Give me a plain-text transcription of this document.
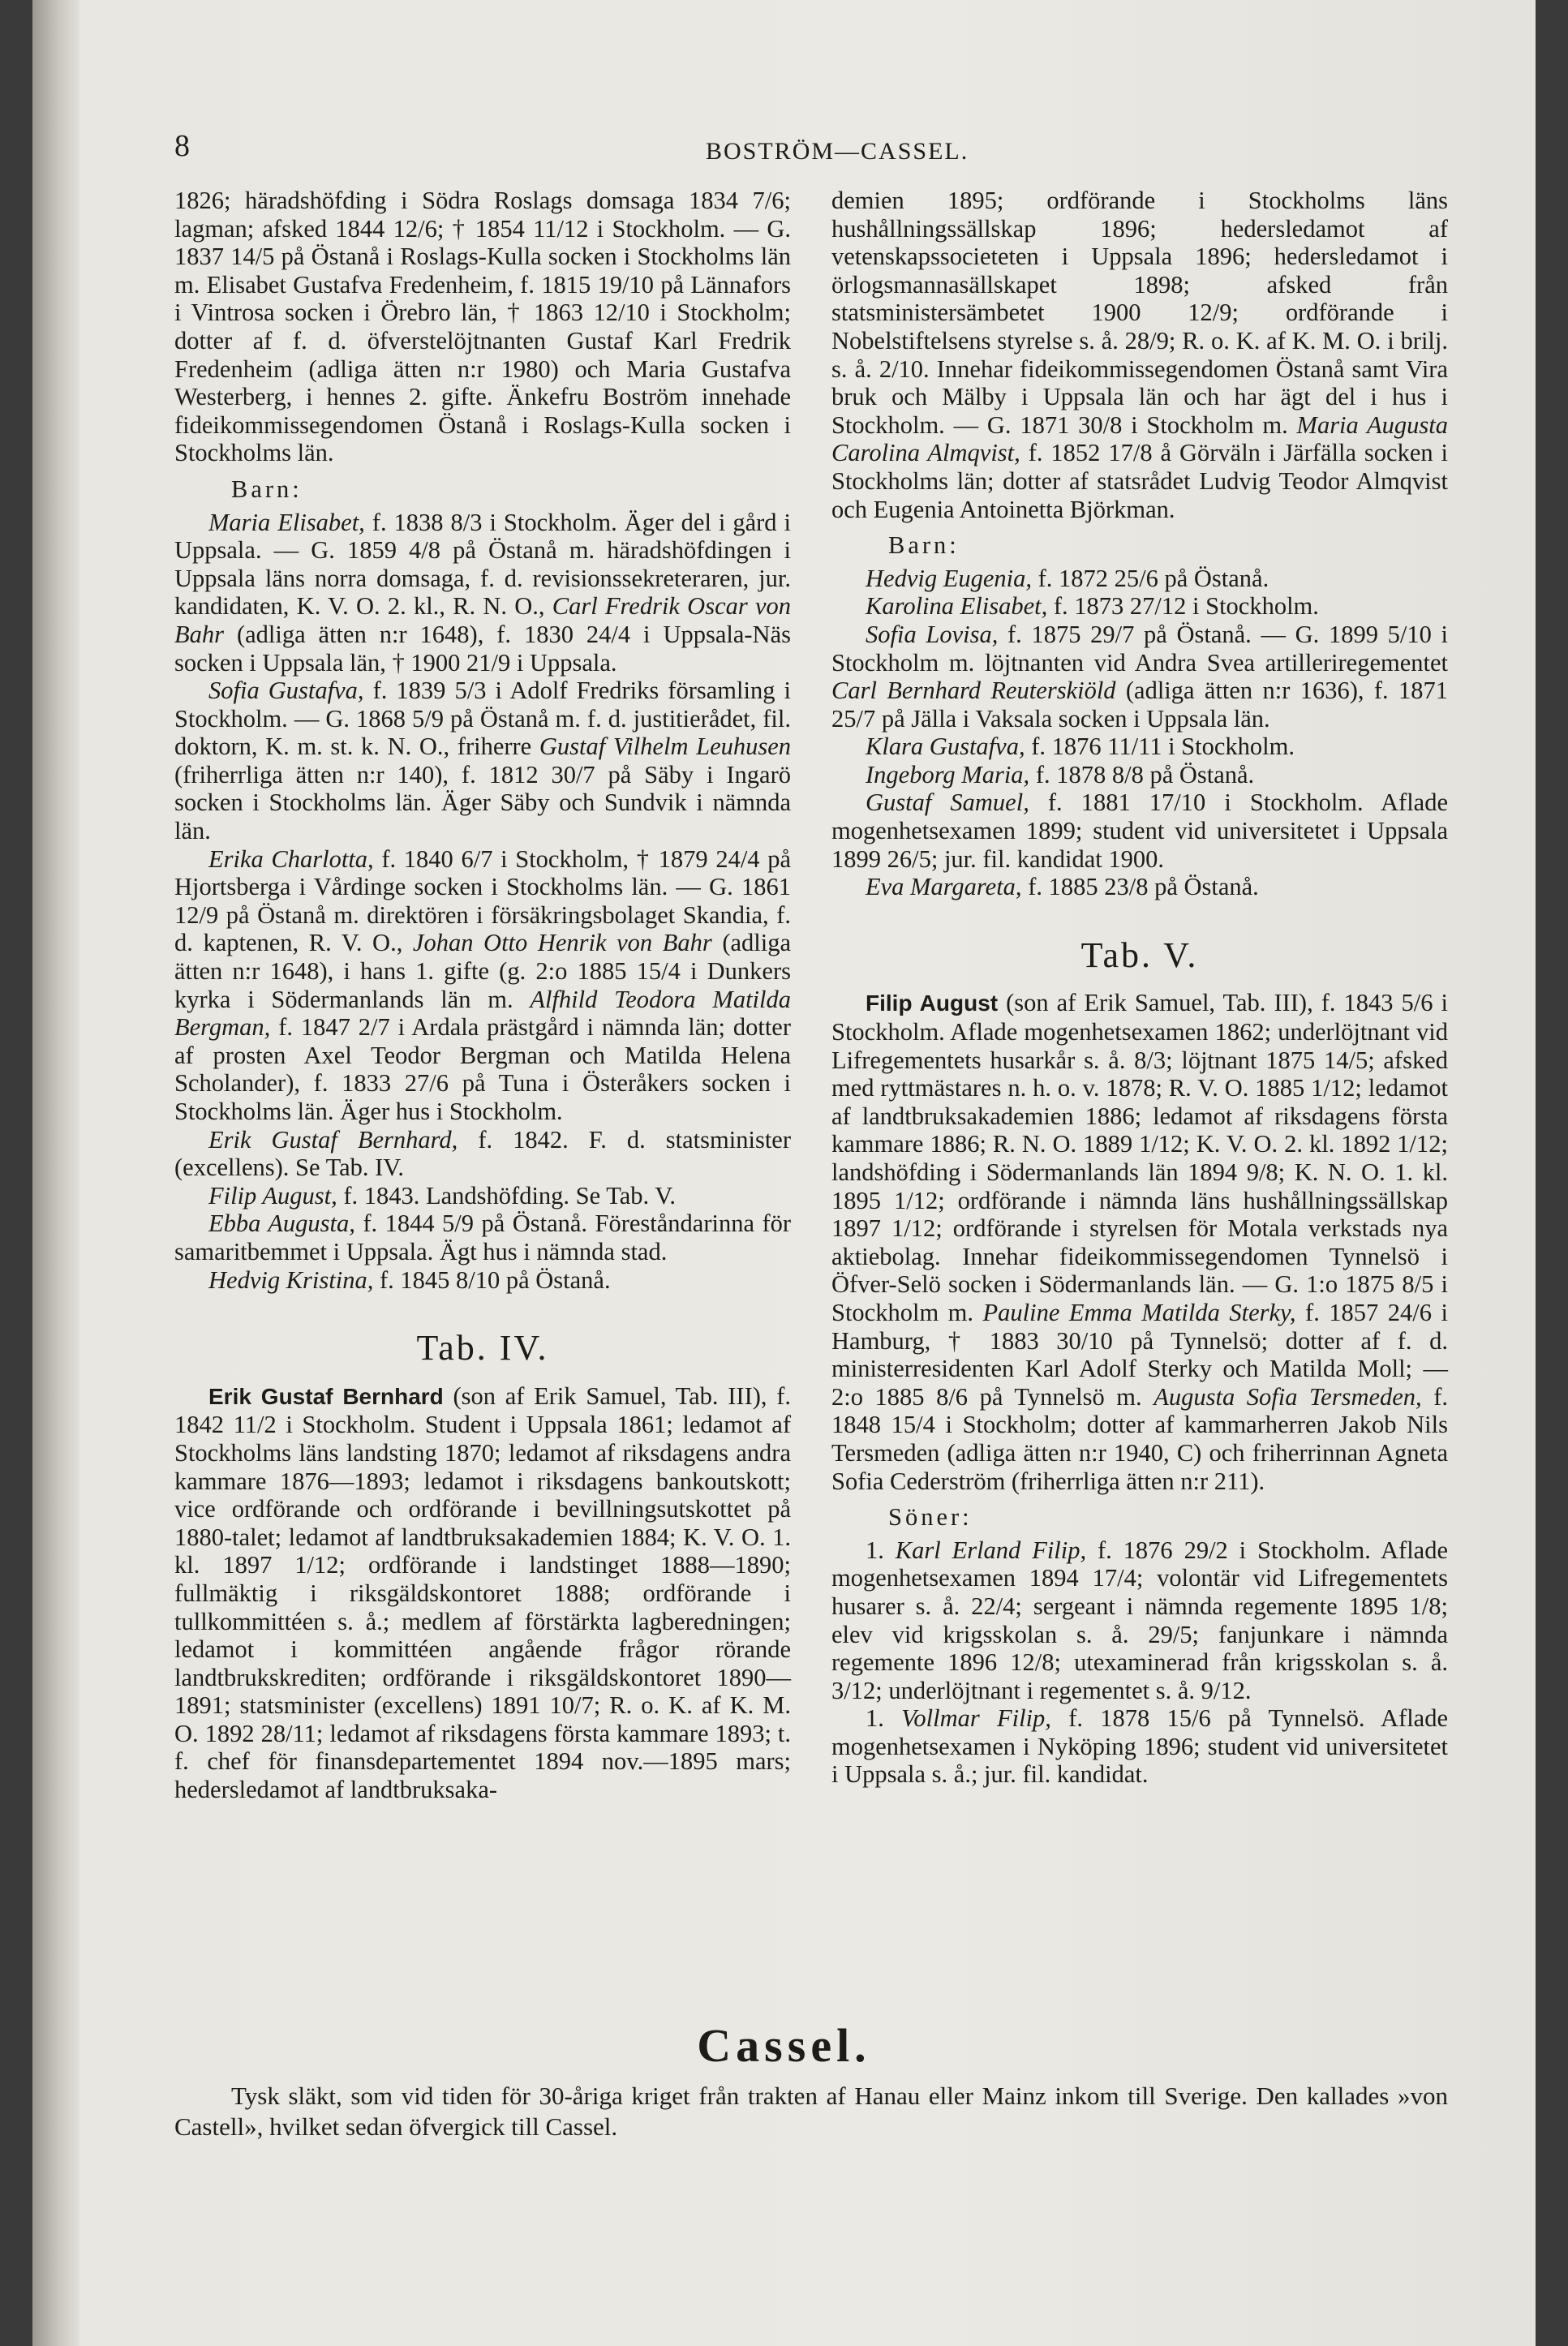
8	BOSTRÖM—CASSEL.

1826; häradshöfding i Södra Roslags domsaga 1834 7/6; lagman; afsked 1844 12/6; † 1854 11/12 i Stockholm. — G. 1837 14/5 på Östanå i Roslags-Kulla socken i Stockholms län m. Elisabet Gustafva Fredenheim, f. 1815 19/10 på Lännafors i Vintrosa socken i Örebro län, † 1863 12/10 i Stockholm; dotter af f. d. öfverstelöjtnanten Gustaf Karl Fredrik Fredenheim (adliga ätten n:r 1980) och Maria Gustafva Westerberg, i hennes 2. gifte. Änkefru Boström innehade fideikommissegendomen Östanå i Roslags-Kulla socken i Stockholms län.

Barn:

Maria Elisabet, f. 1838 8/3 i Stockholm. Äger del i gård i Uppsala. — G. 1859 4/8 på Östanå m. häradshöfdingen i Uppsala läns norra domsaga, f. d. revisionssekreteraren, jur. kandidaten, K. V. O. 2. kl., R. N. O., Carl Fredrik Oscar von Bahr (adliga ätten n:r 1648), f. 1830 24/4 i Uppsala-Näs socken i Uppsala län, † 1900 21/9 i Uppsala.

Sofia Gustafva, f. 1839 5/3 i Adolf Fredriks församling i Stockholm. — G. 1868 5/9 på Östanå m. f. d. justitierådet, fil. doktorn, K. m. st. k. N. O., friherre Gustaf Vilhelm Leuhusen (friherrliga ätten n:r 140), f. 1812 30/7 på Säby i Ingarö socken i Stockholms län. Äger Säby och Sundvik i nämnda län.

Erika Charlotta, f. 1840 6/7 i Stockholm, † 1879 24/4 på Hjortsberga i Vårdinge socken i Stockholms län. — G. 1861 12/9 på Östanå m. direktören i försäkringsbolaget Skandia, f. d. kaptenen, R. V. O., Johan Otto Henrik von Bahr (adliga ätten n:r 1648), i hans 1. gifte (g. 2:o 1885 15/4 i Dunkers kyrka i Södermanlands län m. Alfhild Teodora Matilda Bergman, f. 1847 2/7 i Ardala prästgård i nämnda län; dotter af prosten Axel Teodor Bergman och Matilda Helena Scholander), f. 1833 27/6 på Tuna i Österåkers socken i Stockholms län. Äger hus i Stockholm.

Erik Gustaf Bernhard, f. 1842. F. d. statsminister (excellens). Se Tab. IV.

Filip August, f. 1843. Landshöfding. Se Tab. V.

Ebba Augusta, f. 1844 5/9 på Östanå. Föreståndarinna för samaritbemmet i Uppsala. Ägt hus i nämnda stad.

Hedvig Kristina, f. 1845 8/10 på Östanå.

Tab. IV.

Erik Gustaf Bernhard (son af Erik Samuel, Tab. III), f. 1842 11/2 i Stockholm. Student i Uppsala 1861; ledamot af Stockholms läns landsting 1870; ledamot af riksdagens andra kammare 1876—1893; ledamot i riksdagens bankoutskott; vice ordförande och ordförande i bevillningsutskottet på 1880-talet; ledamot af landtbruksakademien 1884; K. V. O. 1. kl. 1897 1/12; ordförande i landstinget 1888—1890; fullmäktig i riksgäldskontoret 1888; ordförande i tullkommittéen s. å.; medlem af förstärkta lagberedningen; ledamot i kommittéen angående frågor rörande landtbrukskrediten; ordförande i riksgäldskontoret 1890—1891; statsminister (excellens) 1891 10/7; R. o. K. af K. M. O. 1892 28/11; ledamot af riksdagens första kammare 1893; t. f. chef för finansdepartementet 1894 nov.—1895 mars; hedersledamot af landtbruksaka-

demien 1895; ordförande i Stockholms läns hushållningssällskap 1896; hedersledamot af vetenskapssocieteten i Uppsala 1896; hedersledamot i örlogsmannasällskapet 1898; afsked från statsministersämbetet 1900 12/9; ordförande i Nobelstiftelsens styrelse s. å. 28/9; R. o. K. af K. M. O. i brilj. s. å. 2/10. Innehar fideikommissegendomen Östanå samt Vira bruk och Mälby i Uppsala län och har ägt del i hus i Stockholm. — G. 1871 30/8 i Stockholm m. Maria Augusta Carolina Almqvist, f. 1852 17/8 å Görväln i Järfälla socken i Stockholms län; dotter af statsrådet Ludvig Teodor Almqvist och Eugenia Antoinetta Björkman.

Barn:

Hedvig Eugenia, f. 1872 25/6 på Östanå.

Karolina Elisabet, f. 1873 27/12 i Stockholm.

Sofia Lovisa, f. 1875 29/7 på Östanå. — G. 1899 5/10 i Stockholm m. löjtnanten vid Andra Svea artilleriregementet Carl Bernhard Reuterskiöld (adliga ätten n:r 1636), f. 1871 25/7 på Jälla i Vaksala socken i Uppsala län.

Klara Gustafva, f. 1876 11/11 i Stockholm.

Ingeborg Maria, f. 1878 8/8 på Östanå.

Gustaf Samuel, f. 1881 17/10 i Stockholm. Aflade mogenhetsexamen 1899; student vid universitetet i Uppsala 1899 26/5; jur. fil. kandidat 1900.

Eva Margareta, f. 1885 23/8 på Östanå.

Tab. V.

Filip August (son af Erik Samuel, Tab. III), f. 1843 5/6 i Stockholm. Aflade mogenhetsexamen 1862; underlöjtnant vid Lifregementets husarkår s. å. 8/3; löjtnant 1875 14/5; afsked med ryttmästares n. h. o. v. 1878; R. V. O. 1885 1/12; ledamot af landtbruksakademien 1886; ledamot af riksdagens första kammare 1886; R. N. O. 1889 1/12; K. V. O. 2. kl. 1892 1/12; landshöfding i Södermanlands län 1894 9/8; K. N. O. 1. kl. 1895 1/12; ordförande i nämnda läns hushållningssällskap 1897 1/12; ordförande i styrelsen för Motala verkstads nya aktiebolag. Innehar fideikommissegendomen Tynnelsö i Öfver-Selö socken i Södermanlands län. — G. 1:o 1875 8/5 i Stockholm m. Pauline Emma Matilda Sterky, f. 1857 24/6 i Hamburg, † 1883 30/10 på Tynnelsö; dotter af f. d. ministerresidenten Karl Adolf Sterky och Matilda Moll; — 2:o 1885 8/6 på Tynnelsö m. Augusta Sofia Tersmeden, f. 1848 15/4 i Stockholm; dotter af kammarherren Jakob Nils Tersmeden (adliga ätten n:r 1940, C) och friherrinnan Agneta Sofia Cederström (friherrliga ätten n:r 211).

Söner:

1. Karl Erland Filip, f. 1876 29/2 i Stockholm. Aflade mogenhetsexamen 1894 17/4; volontär vid Lifregementets husarer s. å. 22/4; sergeant i nämnda regemente 1895 1/8; elev vid krigsskolan s. å. 29/5; fanjunkare i nämnda regemente 1896 12/8; utexaminerad från krigsskolan s. å. 3/12; underlöjtnant i regementet s. å. 9/12.

1. Vollmar Filip, f. 1878 15/6 på Tynnelsö. Aflade mogenhetsexamen i Nyköping 1896; student vid universitetet i Uppsala s. å.; jur. fil. kandidat.

Cassel.

Tysk släkt, som vid tiden för 30-åriga kriget från trakten af Hanau eller Mainz inkom till Sverige. Den kallades »von Castell», hvilket sedan öfvergick till Cassel.
